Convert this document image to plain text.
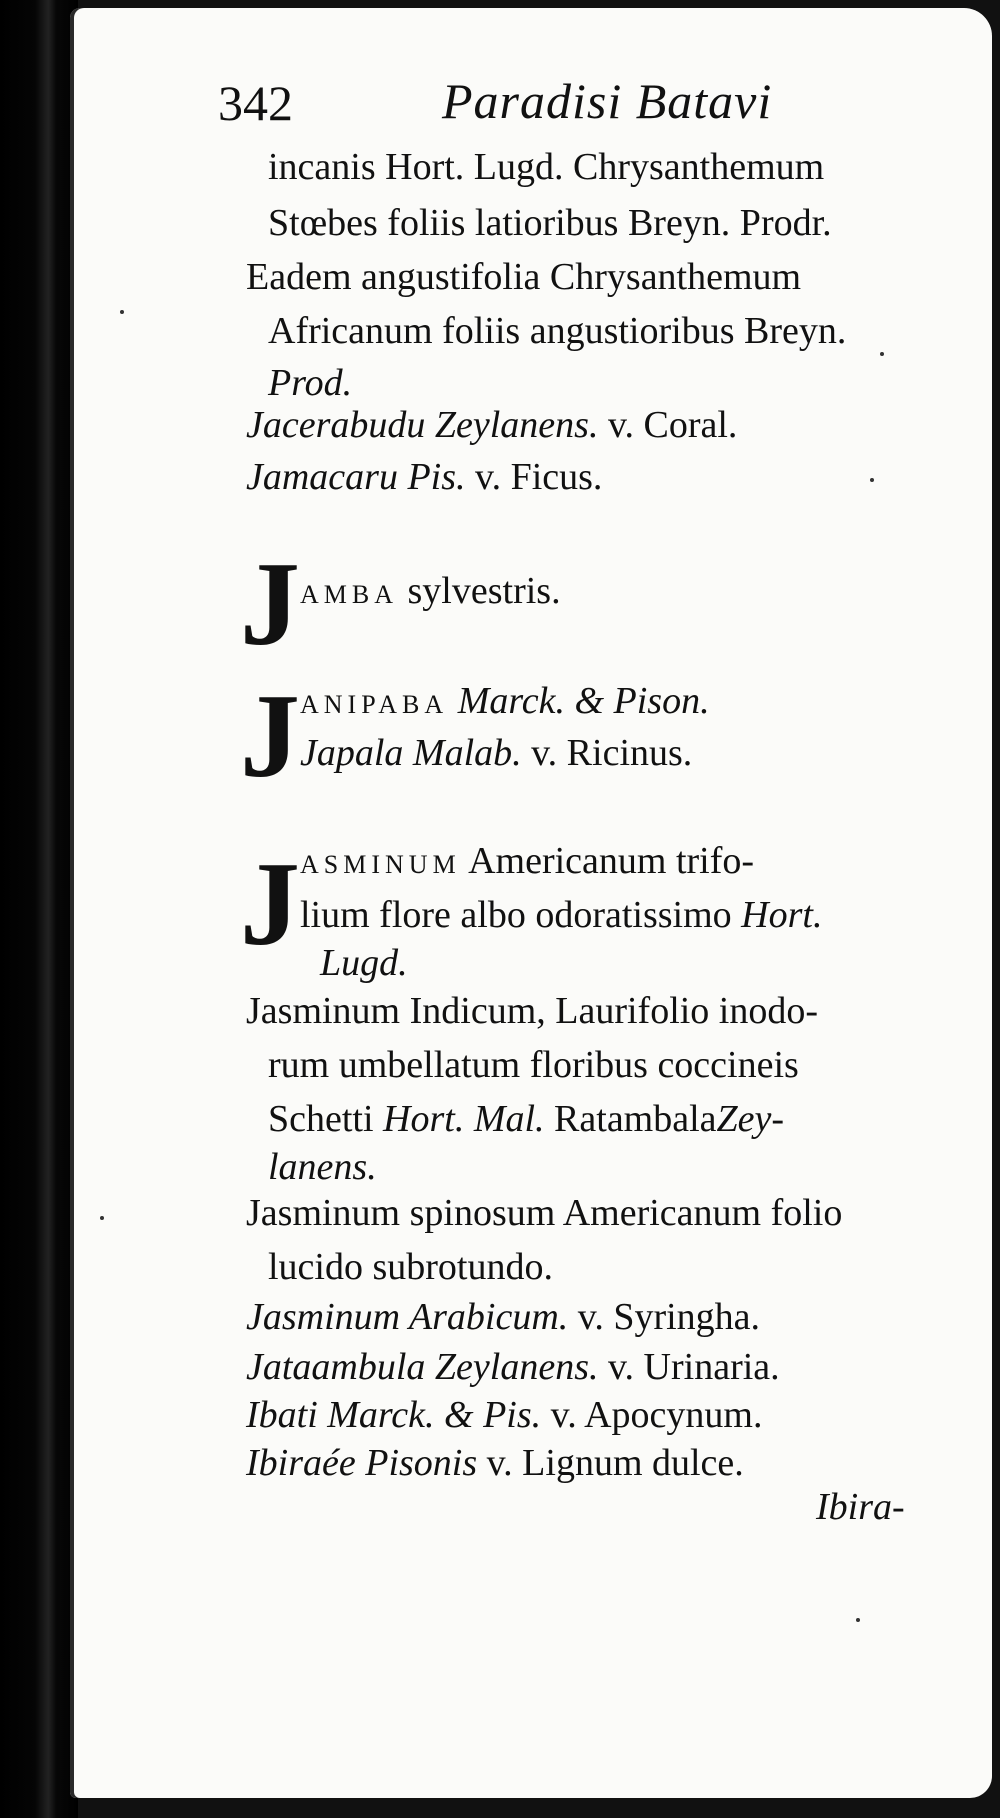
342	Paradisi Batavi
incanis Hort. Lugd. Chrysanthemum
Stœbes foliis latioribus Breyn. Prodr.
Eadem angustifolia Chrysanthemum
Africanum foliis angustioribus Breyn.
Prod.
Jacerabudu Zeylanens. v. Coral.
Jamacaru Pis. v. Ficus.
J AMBA sylvestris.
J ANIPABA Marck. & Pison.
Japala Malab. v. Ricinus.
J ASMINUM Americanum trifo-
lium flore albo odoratissimo Hort.
Lugd.
Jasminum Indicum, Laurifolio inodo-
rum umbellatum floribus coccineis
Schetti Hort. Mal. RatambalaZey-
lanens.
Jasminum spinosum Americanum folio
lucido subrotundo.
Jasminum Arabicum. v. Syringha.
Jataambula Zeylanens. v. Urinaria.
Ibati Marck. & Pis. v. Apocynum.
Ibiraée Pisonis v. Lignum dulce.
Ibira-
